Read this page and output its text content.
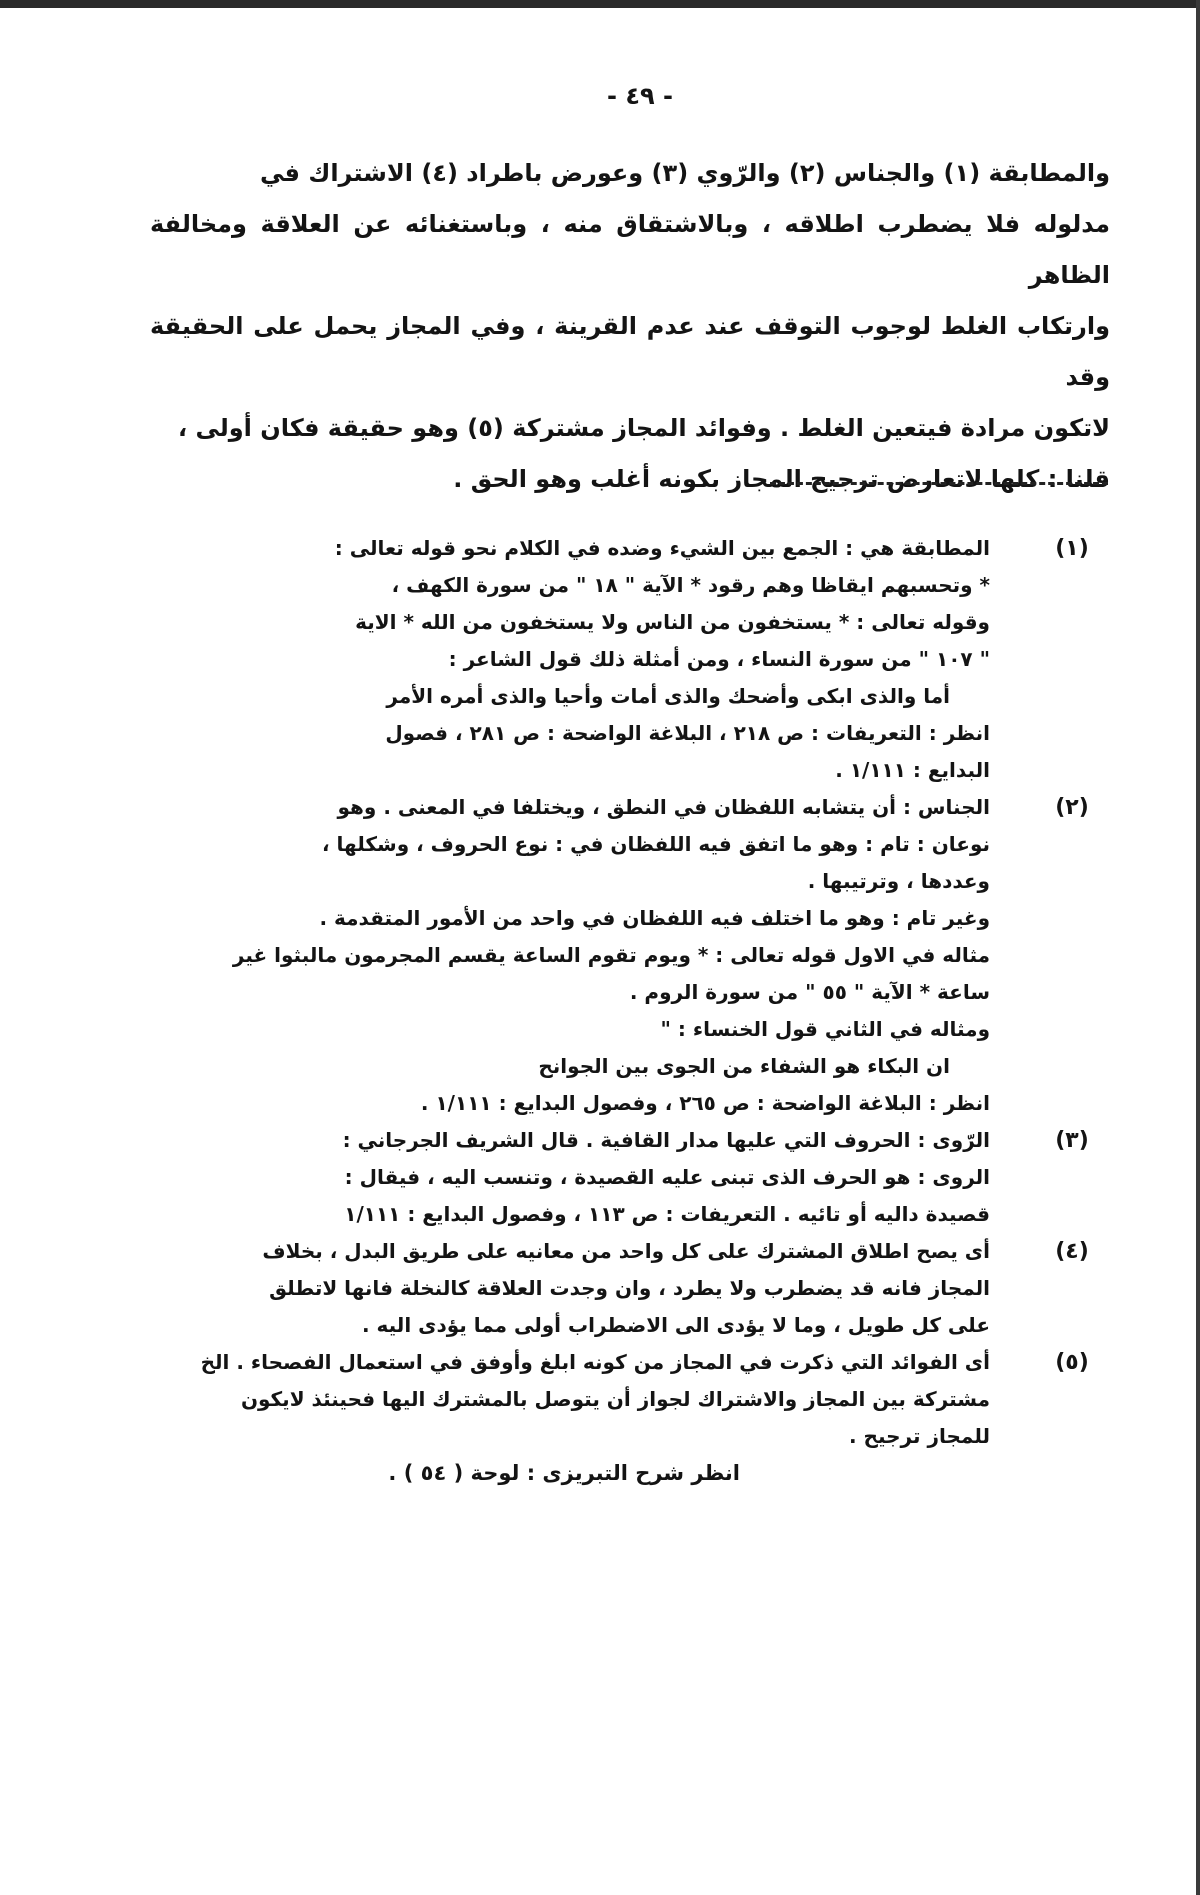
- ٤٩ -

والمطابقة (١) والجناس (٢) والرّوي (٣) وعورض باطراد (٤) الاشتراك في

مدلوله فلا يضطرب اطلاقه ، وبالاشتقاق منه ، وباستغنائه عن العلاقة ومخالفة الظاهر

وارتكاب الغلط لوجوب التوقف عند عدم القرينة ، وفي المجاز يحمل على الحقيقة وقد

لاتكون مرادة فيتعين الغلط . وفوائد المجاز مشتركة (٥) وهو حقيقة فكان أولى ،

قلنا : كلها لاتعارض ترجيح المجاز بكونه أغلب وهو الحق .

(١)

المطابقة هي : الجمع بين الشيء وضده في الكلام نحو قوله تعالى :

* وتحسبهم ايقاظا وهم رقود * الآية " ١٨ " من سورة الكهف ،

وقوله تعالى : * يستخفون من الناس ولا يستخفون من الله * الاية

" ١٠٧ " من سورة النساء ، ومن أمثلة ذلك قول الشاعر :

أما والذى ابكى وأضحك والذى أمات وأحيا والذى أمره الأمر

انظر : التعريفات : ص ٢١٨ ، البلاغة الواضحة : ص ٢٨١ ، فصول

البدايع : ١/١١١ .

(٢)

الجناس : أن يتشابه اللفظان في النطق ، ويختلفا في المعنى . وهو

نوعان : تام : وهو ما اتفق فيه اللفظان في : نوع الحروف ، وشكلها ،

وعددها ، وترتيبها .

وغير تام : وهو ما اختلف فيه اللفظان في واحد من الأمور المتقدمة .

مثاله في الاول قوله تعالى : * ويوم تقوم الساعة يقسم المجرمون مالبثوا غير

ساعة * الآية " ٥٥ " من سورة الروم .

ومثاله في الثاني قول الخنساء : "

ان البكاء هو الشفاء من الجوى بين الجوانح

انظر : البلاغة الواضحة : ص ٢٦٥ ، وفصول البدايع : ١/١١١ .

(٣)

الرّوى : الحروف التي عليها مدار القافية . قال الشريف الجرجاني :

الروى : هو الحرف الذى تبنى عليه القصيدة ، وتنسب اليه ، فيقال :

قصيدة داليه أو تائيه . التعريفات : ص ١١٣ ، وفصول البدايع : ١/١١١

(٤)

أى يصح اطلاق المشترك على كل واحد من معانيه على طريق البدل ، بخلاف

المجاز فانه قد يضطرب ولا يطرد ، وان وجدت العلاقة كالنخلة فانها لاتطلق

على كل طويل ، وما لا يؤدى الى الاضطراب أولى مما يؤدى اليه .

(٥)

أى الفوائد التي ذكرت في المجاز من كونه ابلغ وأوفق في استعمال الفصحاء . الخ

مشتركة بين المجاز والاشتراك لجواز أن يتوصل بالمشترك اليها فحينئذ لايكون

للمجاز ترجيح .

انظر شرح التبريزى : لوحة ( ٥٤ ) .
